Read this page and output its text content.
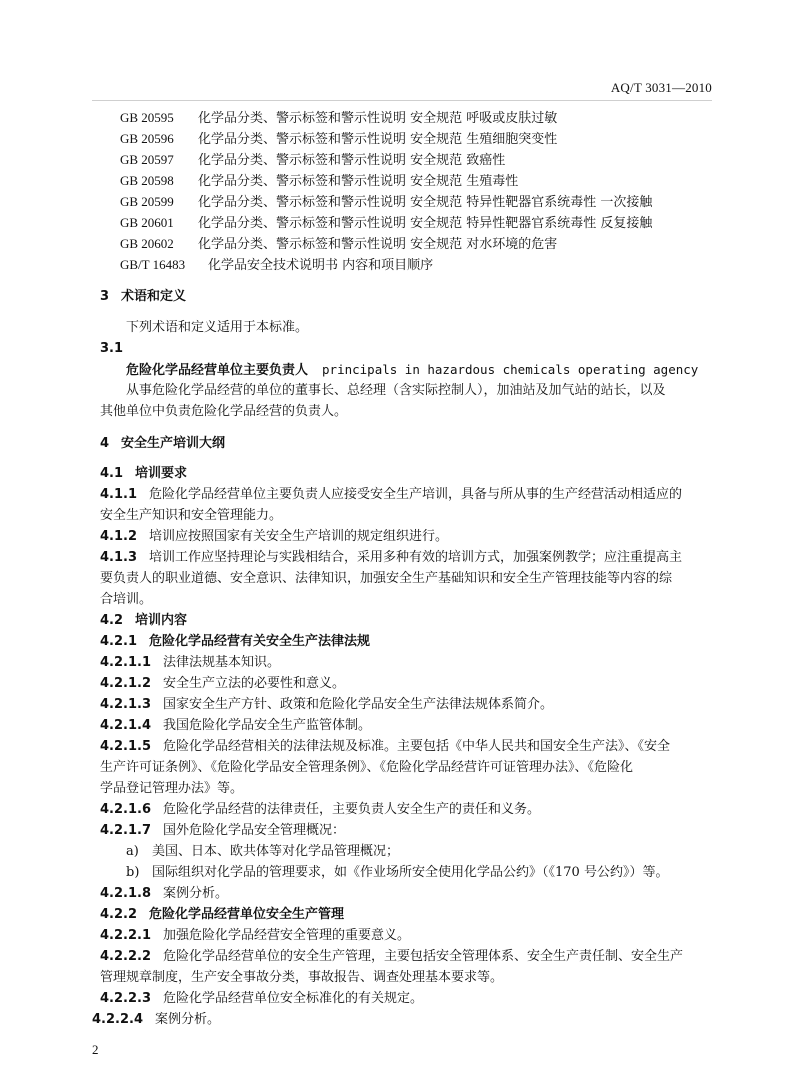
AQ/T 3031—2010
GB 20595 化学品分类、警示标签和警示性说明 安全规范 呼吸或皮肤过敏
GB 20596 化学品分类、警示标签和警示性说明 安全规范 生殖细胞突变性
GB 20597 化学品分类、警示标签和警示性说明 安全规范 致癌性
GB 20598 化学品分类、警示标签和警示性说明 安全规范 生殖毒性
GB 20599 化学品分类、警示标签和警示性说明 安全规范 特异性靶器官系统毒性 一次接触
GB 20601 化学品分类、警示标签和警示性说明 安全规范 特异性靶器官系统毒性 反复接触
GB 20602 化学品分类、警示标签和警示性说明 安全规范 对水环境的危害
GB/T 16483 化学品安全技术说明书 内容和项目顺序
3 术语和定义
下列术语和定义适用于本标准。
3.1
危险化学品经营单位主要负责人 principals in hazardous chemicals operating agency
从事危险化学品经营的单位的董事长、总经理（含实际控制人），加油站及加气站的站长，以及
其他单位中负责危险化学品经营的负责人。
4 安全生产培训大纲
4.1 培训要求
4.1.1 危险化学品经营单位主要负责人应接受安全生产培训，具备与所从事的生产经营活动相适应的
安全生产知识和安全管理能力。
4.1.2 培训应按照国家有关安全生产培训的规定组织进行。
4.1.3 培训工作应坚持理论与实践相结合，采用多种有效的培训方式，加强案例教学；应注重提高主
要负责人的职业道德、安全意识、法律知识，加强安全生产基础知识和安全生产管理技能等内容的综
合培训。
4.2 培训内容
4.2.1 危险化学品经营有关安全生产法律法规
4.2.1.1 法律法规基本知识。
4.2.1.2 安全生产立法的必要性和意义。
4.2.1.3 国家安全生产方针、政策和危险化学品安全生产法律法规体系简介。
4.2.1.4 我国危险化学品安全生产监管体制。
4.2.1.5 危险化学品经营相关的法律法规及标准。主要包括《中华人民共和国安全生产法》、《安全
生产许可证条例》、《危险化学品安全管理条例》、《危险化学品经营许可证管理办法》、《危险化
学品登记管理办法》等。
4.2.1.6 危险化学品经营的法律责任，主要负责人安全生产的责任和义务。
4.2.1.7 国外危险化学品安全管理概况：
a) 美国、日本、欧共体等对化学品管理概况；
b) 国际组织对化学品的管理要求，如《作业场所安全使用化学品公约》（《170 号公约》）等。
4.2.1.8 案例分析。
4.2.2 危险化学品经营单位安全生产管理
4.2.2.1 加强危险化学品经营安全管理的重要意义。
4.2.2.2 危险化学品经营单位的安全生产管理，主要包括安全管理体系、安全生产责任制、安全生产
管理规章制度，生产安全事故分类，事故报告、调查处理基本要求等。
4.2.2.3 危险化学品经营单位安全标准化的有关规定。
4.2.2.4 案例分析。
2
